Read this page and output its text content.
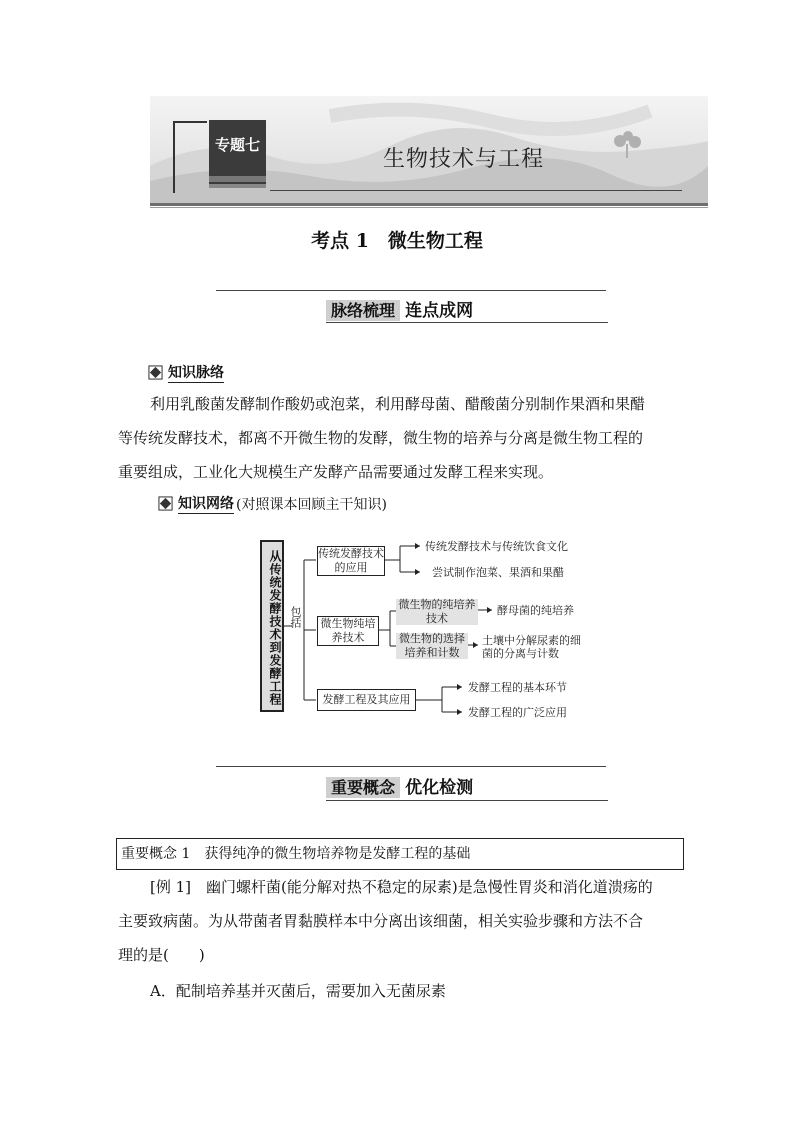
专题七
生物技术与工程
考点 1　微生物工程
脉络梳理 连点成网
知识脉络
利用乳酸菌发酵制作酸奶或泡菜，利用酵母菌、醋酸菌分别制作果酒和果醋
等传统发酵技术，都离不开微生物的发酵，微生物的培养与分离是微生物工程的
重要组成，工业化大规模生产发酵产品需要通过发酵工程来实现。
知识网络 (对照课本回顾主干知识)
从传统发酵技术到发酵工程 包括
传统发酵技术的应用
传统发酵技术与传统饮食文化
尝试制作泡菜、果酒和果醋
微生物纯培养技术
微生物的纯培养技术
酵母菌的纯培养
微生物的选择培养和计数
土壤中分解尿素的细菌的分离与计数
发酵工程及其应用
发酵工程的基本环节
发酵工程的广泛应用
重要概念 优化检测
重要概念 1　获得纯净的微生物培养物是发酵工程的基础
[例 1]　幽门螺杆菌(能分解对热不稳定的尿素)是急慢性胃炎和消化道溃疡的
主要致病菌。为从带菌者胃黏膜样本中分离出该细菌，相关实验步骤和方法不合
理的是(　　)
A．配制培养基并灭菌后，需要加入无菌尿素
